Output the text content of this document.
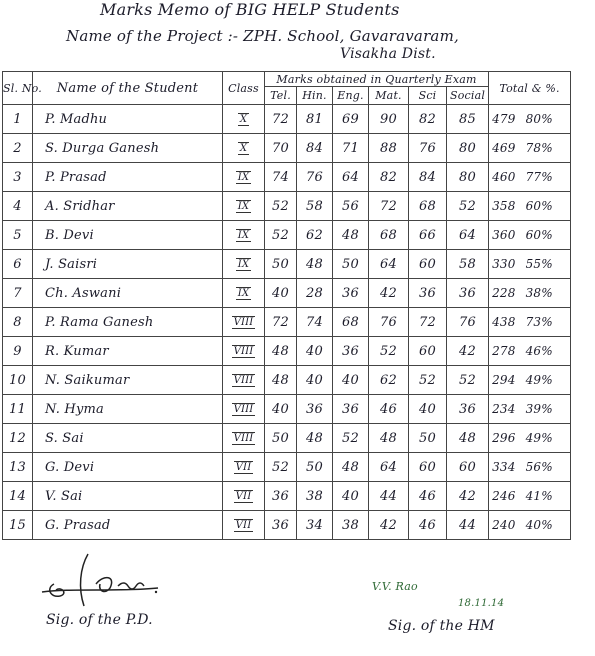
Marks Memo of BIG HELP Students
Name of the Project :- ZPH. School, Gavaravaram,
Visakha Dist.
Sl. No.	Name of the Student	Class	Marks obtained in Quarterly Exam						Total & %.
			Tel.	Hin.	Eng.	Mat.	Sci	Social	
1	P. Madhu	X	72	81	69	90	82	85	479 80%
2	S. Durga Ganesh	X	70	84	71	88	76	80	469 78%
3	P. Prasad	IX	74	76	64	82	84	80	460 77%
4	A. Sridhar	IX	52	58	56	72	68	52	358 60%
5	B. Devi	IX	52	62	48	68	66	64	360 60%
6	J. Saisri	IX	50	48	50	64	60	58	330 55%
7	Ch. Aswani	IX	40	28	36	42	36	36	228 38%
8	P. Rama Ganesh	VIII	72	74	68	76	72	76	438 73%
9	R. Kumar	VIII	48	40	36	52	60	42	278 46%
10	N. Saikumar	VIII	48	40	40	62	52	52	294 49%
11	N. Hyma	VIII	40	36	36	46	40	36	234 39%
12	S. Sai	VIII	50	48	52	48	50	48	296 49%
13	G. Devi	VII	52	50	48	64	60	60	334 56%
14	V. Sai	VII	36	38	40	44	46	42	246 41%
15	G. Prasad	VII	36	34	38	42	46	44	240 40%
Sig. of the P.D.
V.V. Rao
18.11.14
Sig. of the HM
